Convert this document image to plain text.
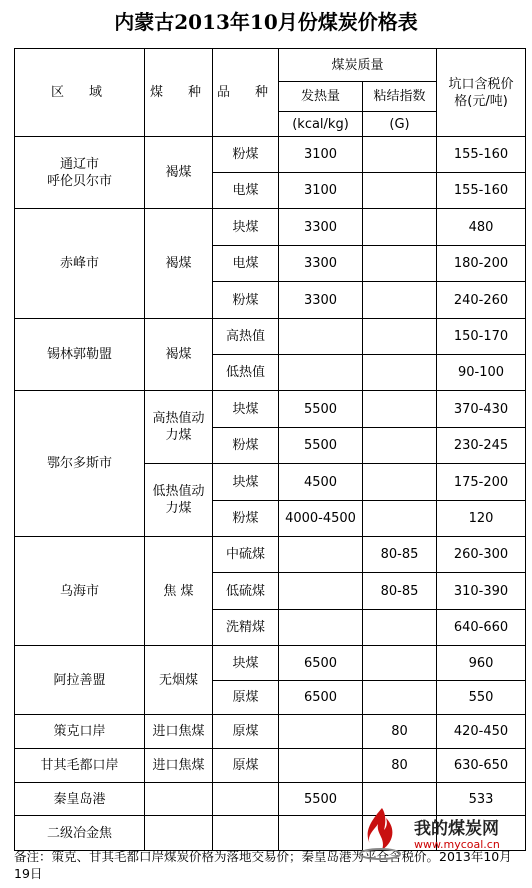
内蒙古2013年10月份煤炭价格表
区　域	煤　种	品　种	煤炭质量		坑口含税价格(元/吨)
			发热量	粘结指数	
			(kcal/kg)	(G)	
通辽市
呼伦贝尔市	褐煤	粉煤	3100		155-160
		电煤	3100		155-160
赤峰市	褐煤	块煤	3300		480
		电煤	3300		180-200
		粉煤	3300		240-260
锡林郭勒盟	褐煤	高热值			150-170
		低热值			90-100
鄂尔多斯市	高热值动力煤	块煤	5500		370-430
		粉煤	5500		230-245
	低热值动力煤	块煤	4500		175-200
		粉煤	4000-4500		120
乌海市	焦 煤	中硫煤		80-85	260-300
		低硫煤		80-85	310-390
		洗精煤			640-660
阿拉善盟	无烟煤	块煤	6500		960
		原煤	6500		550
策克口岸	进口焦煤	原煤		80	420-450
甘其毛都口岸	进口焦煤	原煤		80	630-650
秦皇岛港			5500		533
二级冶金焦					
备注：策克、甘其毛都口岸煤炭价格为落地交易价；秦皇岛港为平仓含税价。2013年10月19日
我的煤炭网
www.mycoal.cn
